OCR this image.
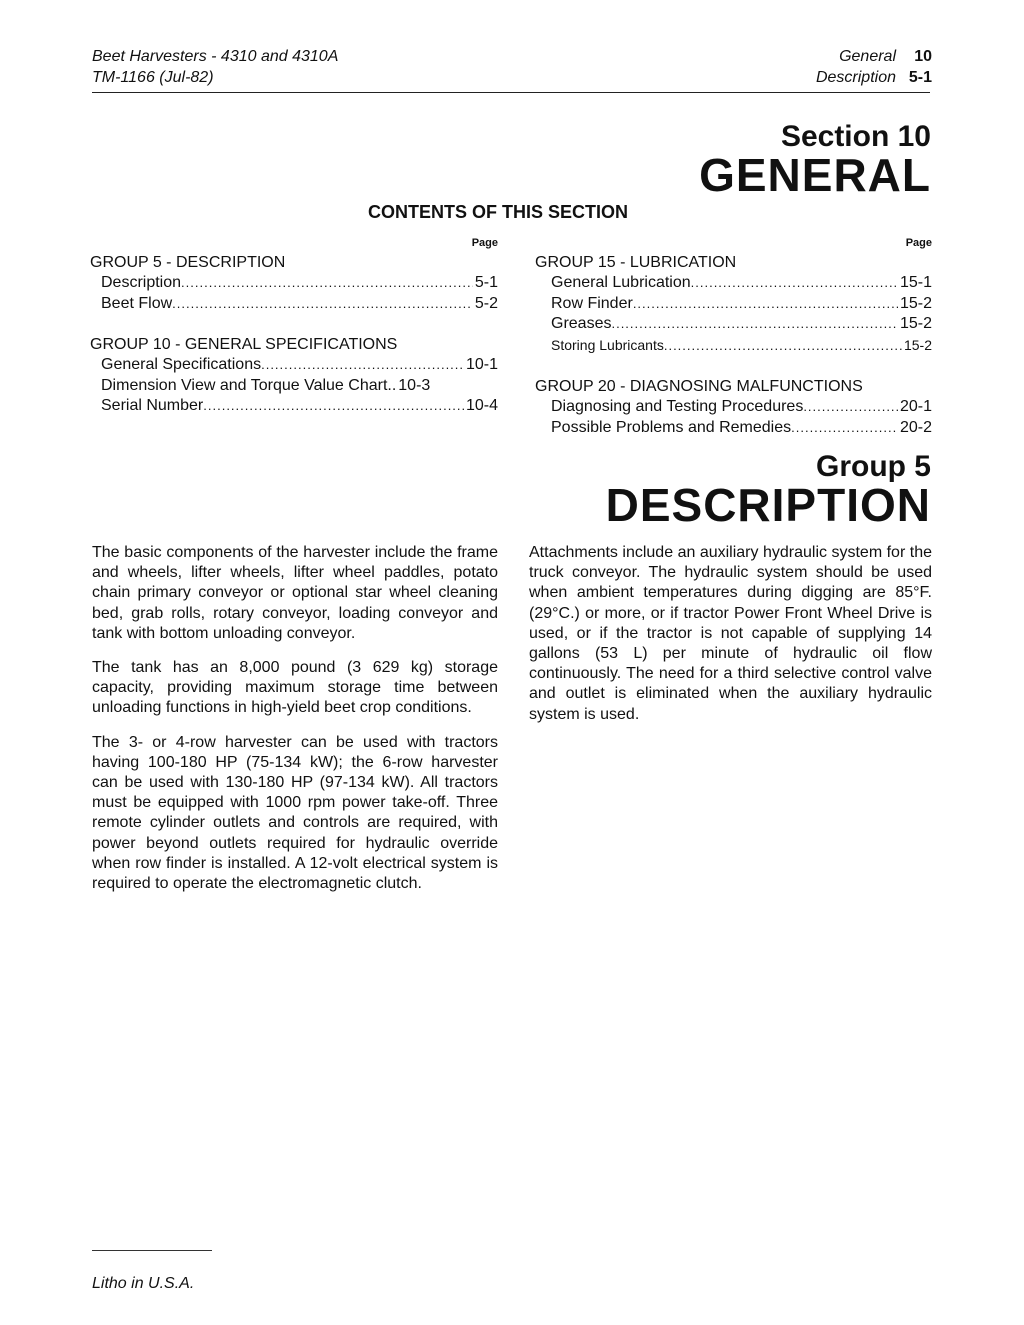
Beet Harvesters - 4310 and 4310A
TM-1166 (Jul-82)
General 10
Description 5-1
Section 10
GENERAL
CONTENTS OF THIS SECTION
Page
GROUP 5 - DESCRIPTION
Description .....	5-1
Beet Flow .....	5-2
GROUP 10 - GENERAL SPECIFICATIONS
General Specifications .....	10-1
Dimension View and Torque Value Chart.. 10-3
Serial Number .....	10-4
Page
GROUP 15 - LUBRICATION
General Lubrication .....	15-1
Row Finder .....	15-2
Greases .....	15-2
Storing Lubricants .....	15-2
GROUP 20 - DIAGNOSING MALFUNCTIONS
Diagnosing and Testing Procedures .....	20-1
Possible Problems and Remedies .....	20-2
Group 5
DESCRIPTION

The basic components of the harvester include the frame and wheels, lifter wheels, lifter wheel paddles, potato chain primary conveyor or optional star wheel cleaning bed, grab rolls, rotary conveyor, loading conveyor and tank with bottom unloading conveyor.

The tank has an 8,000 pound (3 629 kg) storage capacity, providing maximum storage time between unloading functions in high-yield beet crop conditions.

The 3- or 4-row harvester can be used with tractors having 100-180 HP (75-134 kW); the 6-row harvester can be used with 130-180 HP (97-134 kW). All tractors must be equipped with 1000 rpm power take-off. Three remote cylinder outlets and controls are required, with power beyond outlets required for hydraulic override when row finder is installed. A 12-volt electrical system is required to operate the electromagnetic clutch.

Attachments include an auxiliary hydraulic system for the truck conveyor. The hydraulic system should be used when ambient temperatures during digging are 85°F. (29°C.) or more, or if tractor Power Front Wheel Drive is used, or if the tractor is not capable of supplying 14 gallons (53 L) per minute of hydraulic oil flow continuously. The need for a third selective control valve and outlet is eliminated when the auxiliary hydraulic system is used.

Litho in U.S.A.
